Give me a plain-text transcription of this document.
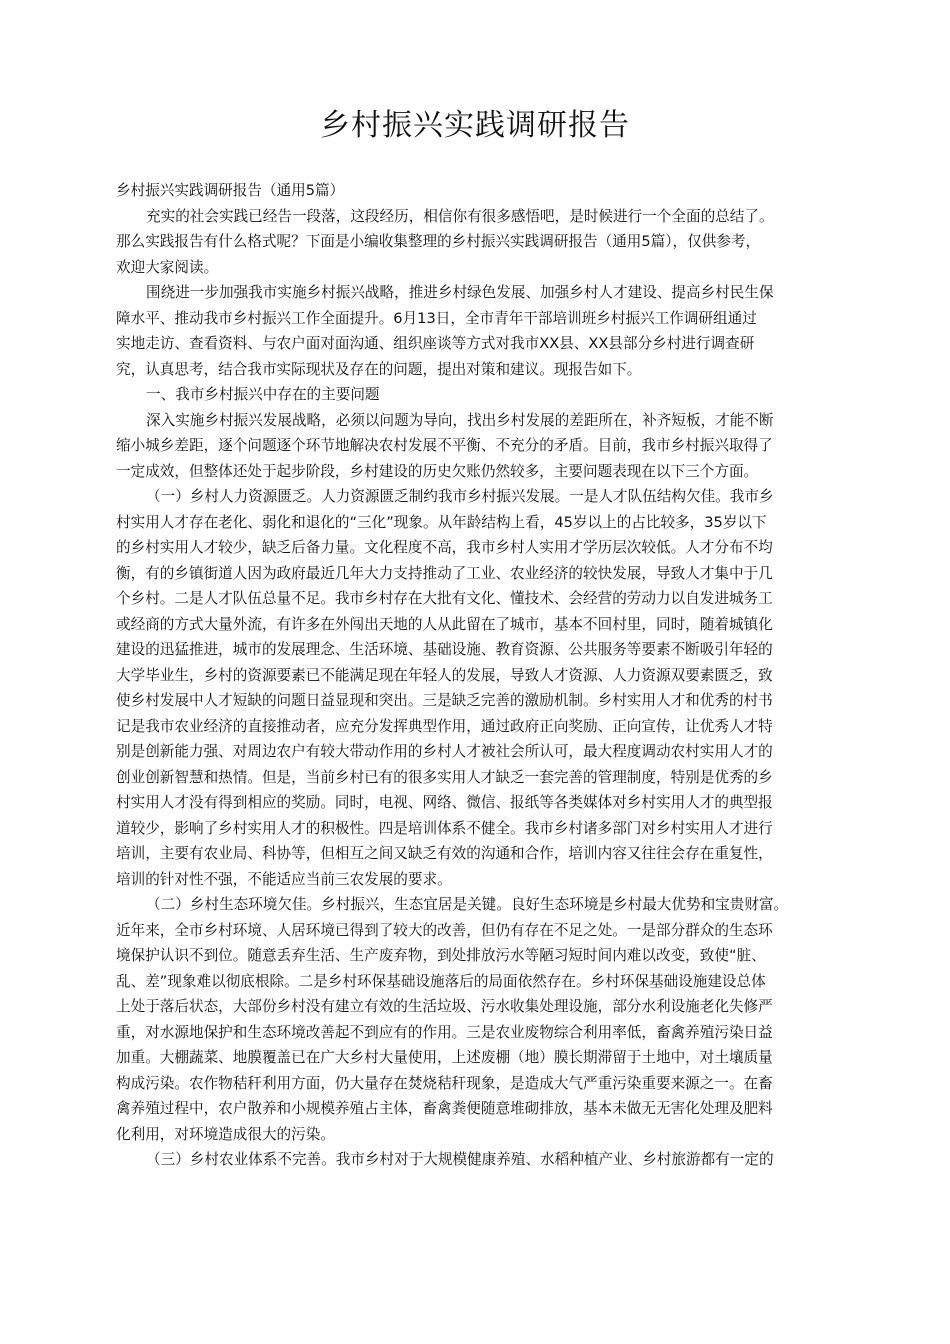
乡村振兴实践调研报告
乡村振兴实践调研报告（通用5篇）
充实的社会实践已经告一段落，这段经历，相信你有很多感悟吧，是时候进行一个全面的总结了。
那么实践报告有什么格式呢？下面是小编收集整理的乡村振兴实践调研报告（通用5篇），仅供参考，
欢迎大家阅读。
围绕进一步加强我市实施乡村振兴战略，推进乡村绿色发展、加强乡村人才建设、提高乡村民生保
障水平、推动我市乡村振兴工作全面提升。6月13日，全市青年干部培训班乡村振兴工作调研组通过
实地走访、查看资料、与农户面对面沟通、组织座谈等方式对我市XX县、XX县部分乡村进行调查研
究，认真思考，结合我市实际现状及存在的问题，提出对策和建议。现报告如下。
一、我市乡村振兴中存在的主要问题
深入实施乡村振兴发展战略，必须以问题为导向，找出乡村发展的差距所在，补齐短板，才能不断
缩小城乡差距，逐个问题逐个环节地解决农村发展不平衡、不充分的矛盾。目前，我市乡村振兴取得了
一定成效，但整体还处于起步阶段，乡村建设的历史欠账仍然较多，主要问题表现在以下三个方面。
（一）乡村人力资源匮乏。人力资源匮乏制约我市乡村振兴发展。一是人才队伍结构欠佳。我市乡
村实用人才存在老化、弱化和退化的“三化”现象。从年龄结构上看，45岁以上的占比较多，35岁以下
的乡村实用人才较少，缺乏后备力量。文化程度不高，我市乡村人实用才学历层次较低。人才分布不均
衡，有的乡镇街道人因为政府最近几年大力支持推动了工业、农业经济的较快发展，导致人才集中于几
个乡村。二是人才队伍总量不足。我市乡村存在大批有文化、懂技术、会经营的劳动力以自发进城务工
或经商的方式大量外流，有许多在外闯出天地的人从此留在了城市，基本不回村里，同时，随着城镇化
建设的迅猛推进，城市的发展理念、生活环境、基础设施、教育资源、公共服务等要素不断吸引年轻的
大学毕业生，乡村的资源要素已不能满足现在年轻人的发展，导致人才资源、人力资源双要素匮乏，致
使乡村发展中人才短缺的问题日益显现和突出。三是缺乏完善的激励机制。乡村实用人才和优秀的村书
记是我市农业经济的直接推动者，应充分发挥典型作用，通过政府正向奖励、正向宣传，让优秀人才特
别是创新能力强、对周边农户有较大带动作用的乡村人才被社会所认可，最大程度调动农村实用人才的
创业创新智慧和热情。但是，当前乡村已有的很多实用人才缺乏一套完善的管理制度，特别是优秀的乡
村实用人才没有得到相应的奖励。同时，电视、网络、微信、报纸等各类媒体对乡村实用人才的典型报
道较少，影响了乡村实用人才的积极性。四是培训体系不健全。我市乡村诸多部门对乡村实用人才进行
培训，主要有农业局、科协等，但相互之间又缺乏有效的沟通和合作，培训内容又往往会存在重复性，
培训的针对性不强，不能适应当前三农发展的要求。
（二）乡村生态环境欠佳。乡村振兴，生态宜居是关键。良好生态环境是乡村最大优势和宝贵财富。
近年来，全市乡村环境、人居环境已得到了较大的改善，但仍有存在不足之处。一是部分群众的生态环
境保护认识不到位。随意丢弃生活、生产废弃物，到处排放污水等陋习短时间内难以改变，致使“脏、
乱、差”现象难以彻底根除。二是乡村环保基础设施落后的局面依然存在。乡村环保基础设施建设总体
上处于落后状态，大部份乡村没有建立有效的生活垃圾、污水收集处理设施，部分水利设施老化失修严
重，对水源地保护和生态环境改善起不到应有的作用。三是农业废物综合利用率低，畜禽养殖污染日益
加重。大棚蔬菜、地膜覆盖已在广大乡村大量使用，上述废棚（地）膜长期滞留于土地中，对土壤质量
构成污染。农作物秸秆利用方面，仍大量存在焚烧秸秆现象，是造成大气严重污染重要来源之一。在畜
禽养殖过程中，农户散养和小规模养殖占主体，畜禽粪便随意堆砌排放，基本未做无无害化处理及肥料
化利用，对环境造成很大的污染。
（三）乡村农业体系不完善。我市乡村对于大规模健康养殖、水稻种植产业、乡村旅游都有一定的
